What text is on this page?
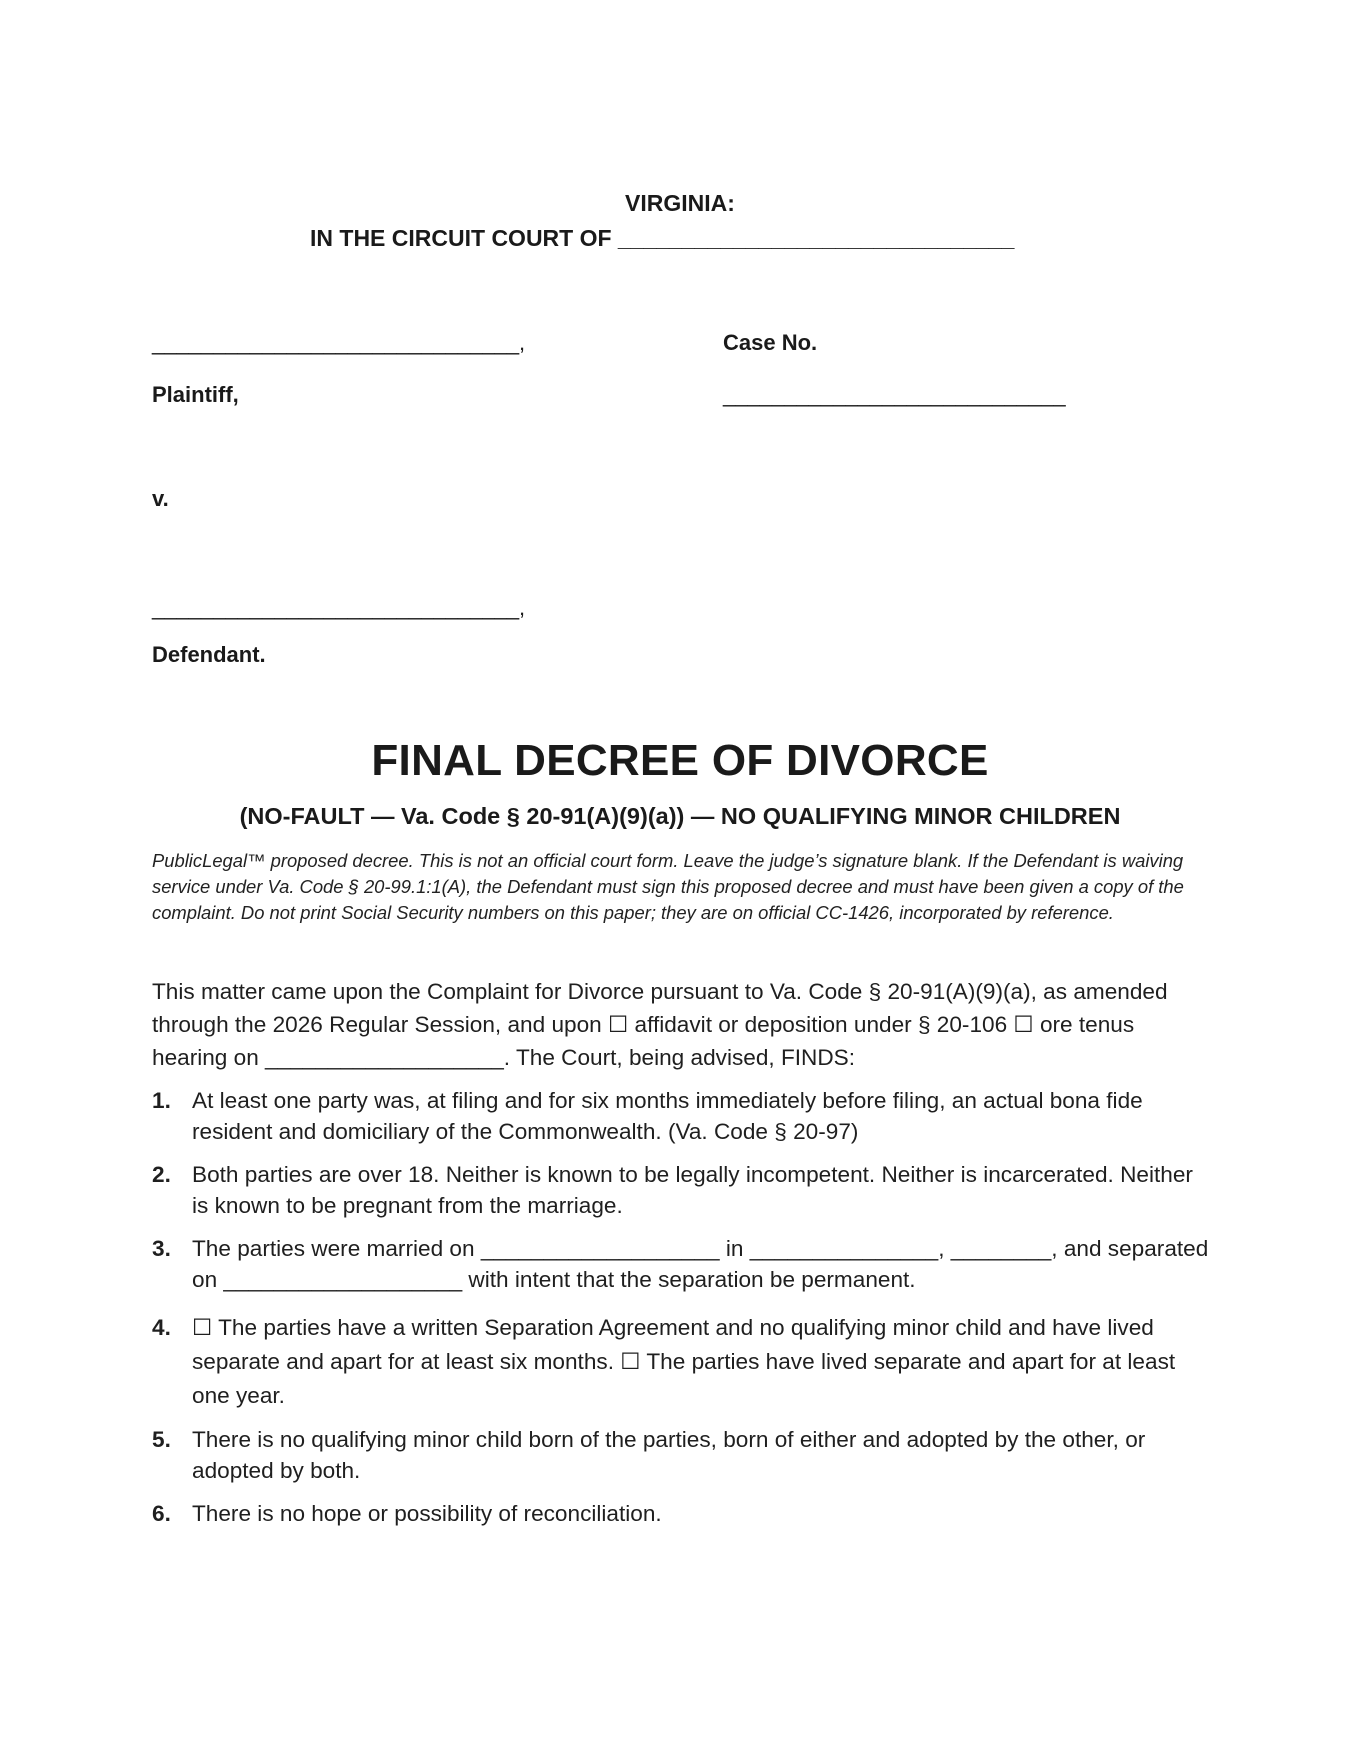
VIRGINIA:
IN THE CIRCUIT COURT OF _______________________________
______________________________,	Case No.
Plaintiff,	____________________________
v.
______________________________,
Defendant.
FINAL DECREE OF DIVORCE
(NO-FAULT — Va. Code § 20-91(A)(9)(a)) — NO QUALIFYING MINOR CHILDREN
PublicLegal™ proposed decree. This is not an official court form. Leave the judge’s signature blank. If the Defendant is waiving service under Va. Code § 20-99.1:1(A), the Defendant must sign this proposed decree and must have been given a copy of the complaint. Do not print Social Security numbers on this paper; they are on official CC-1426, incorporated by reference.
This matter came upon the Complaint for Divorce pursuant to Va. Code § 20-91(A)(9)(a), as amended through the 2026 Regular Session, and upon ☐ affidavit or deposition under § 20-106 ☐ ore tenus hearing on ___________________. The Court, being advised, FINDS:
1. At least one party was, at filing and for six months immediately before filing, an actual bona fide resident and domiciliary of the Commonwealth. (Va. Code § 20-97)
2. Both parties are over 18. Neither is known to be legally incompetent. Neither is incarcerated. Neither is known to be pregnant from the marriage.
3. The parties were married on ___________________ in _______________, ________, and separated on ___________________ with intent that the separation be permanent.
4. ☐ The parties have a written Separation Agreement and no qualifying minor child and have lived separate and apart for at least six months. ☐ The parties have lived separate and apart for at least one year.
5. There is no qualifying minor child born of the parties, born of either and adopted by the other, or adopted by both.
6. There is no hope or possibility of reconciliation.
